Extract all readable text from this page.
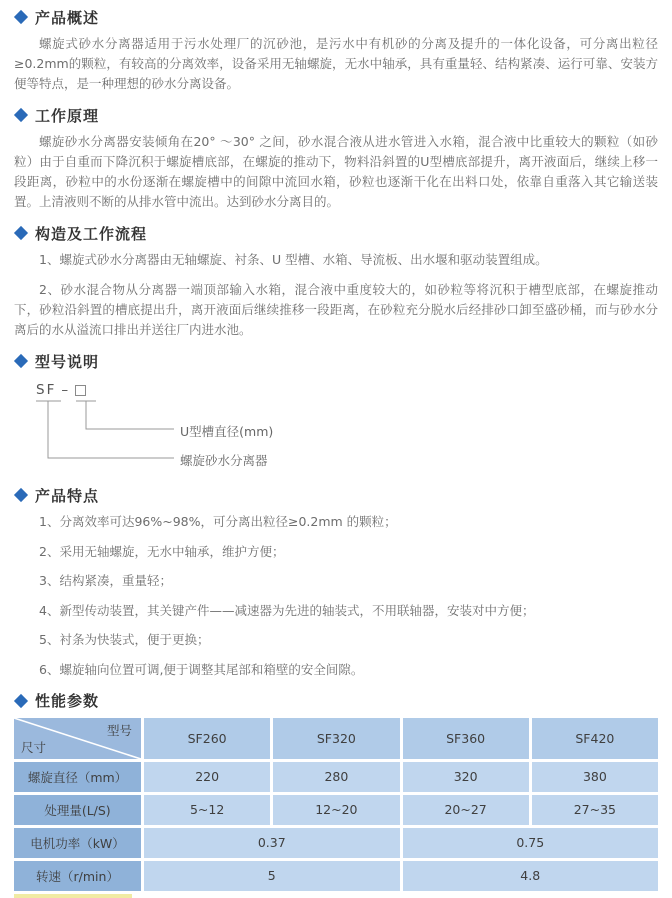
产品概述

螺旋式砂水分离器适用于污水处理厂的沉砂池，是污水中有机砂的分离及提升的一体化设备，可分离出粒径≥0.2mm的颗粒，有较高的分离效率，设备采用无轴螺旋，无水中轴承，具有重量轻、结构紧凑、运行可靠、安装方便等特点，是一种理想的砂水分离设备。

工作原理

螺旋砂水分离器安装倾角在20° ～30° 之间，砂水混合液从进水管进入水箱，混合液中比重较大的颗粒（如砂粒）由于自重而下降沉积于螺旋槽底部，在螺旋的推动下，物料沿斜置的U型槽底部提升，离开液面后，继续上移一段距离，砂粒中的水份逐渐在螺旋槽中的间隙中流回水箱，砂粒也逐渐干化在出料口处，依靠自重落入其它输送装置。上清液则不断的从排水管中流出。达到砂水分离目的。

构造及工作流程

1、螺旋式砂水分离器由无轴螺旋、衬条、U 型槽、水箱、导流板、出水堰和驱动装置组成。

2、砂水混合物从分离器一端顶部输入水箱，混合液中重度较大的，如砂粒等将沉积于槽型底部，在螺旋推动下，砂粒沿斜置的槽底提出升，离开液面后继续推移一段距离，在砂粒充分脱水后经排砂口卸至盛砂桶，而与砂水分离后的水从溢流口排出并送往厂内进水池。

型号说明
SF –
U型槽直径(mm)
螺旋砂水分离器
产品特点

1、分离效率可达96%~98%，可分离出粒径≥0.2mm 的颗粒；

2、采用无轴螺旋，无水中轴承，维护方便；

3、结构紧凑，重量轻；

4、新型传动装置，其关键产件——减速器为先进的轴装式，不用联轴器，安装对中方便；

5、衬条为快装式，便于更换；

6、螺旋轴向位置可调,便于调整其尾部和箱壁的安全间隙。

性能参数
型号
尺寸
SF260	SF320	SF360	SF420
螺旋直径（mm）	220	280	320	380
处理量(L/S)	5~12	12~20	20~27	27~35
电机功率（kW）	0.37	0.75
转速（r/min）	5	4.8
